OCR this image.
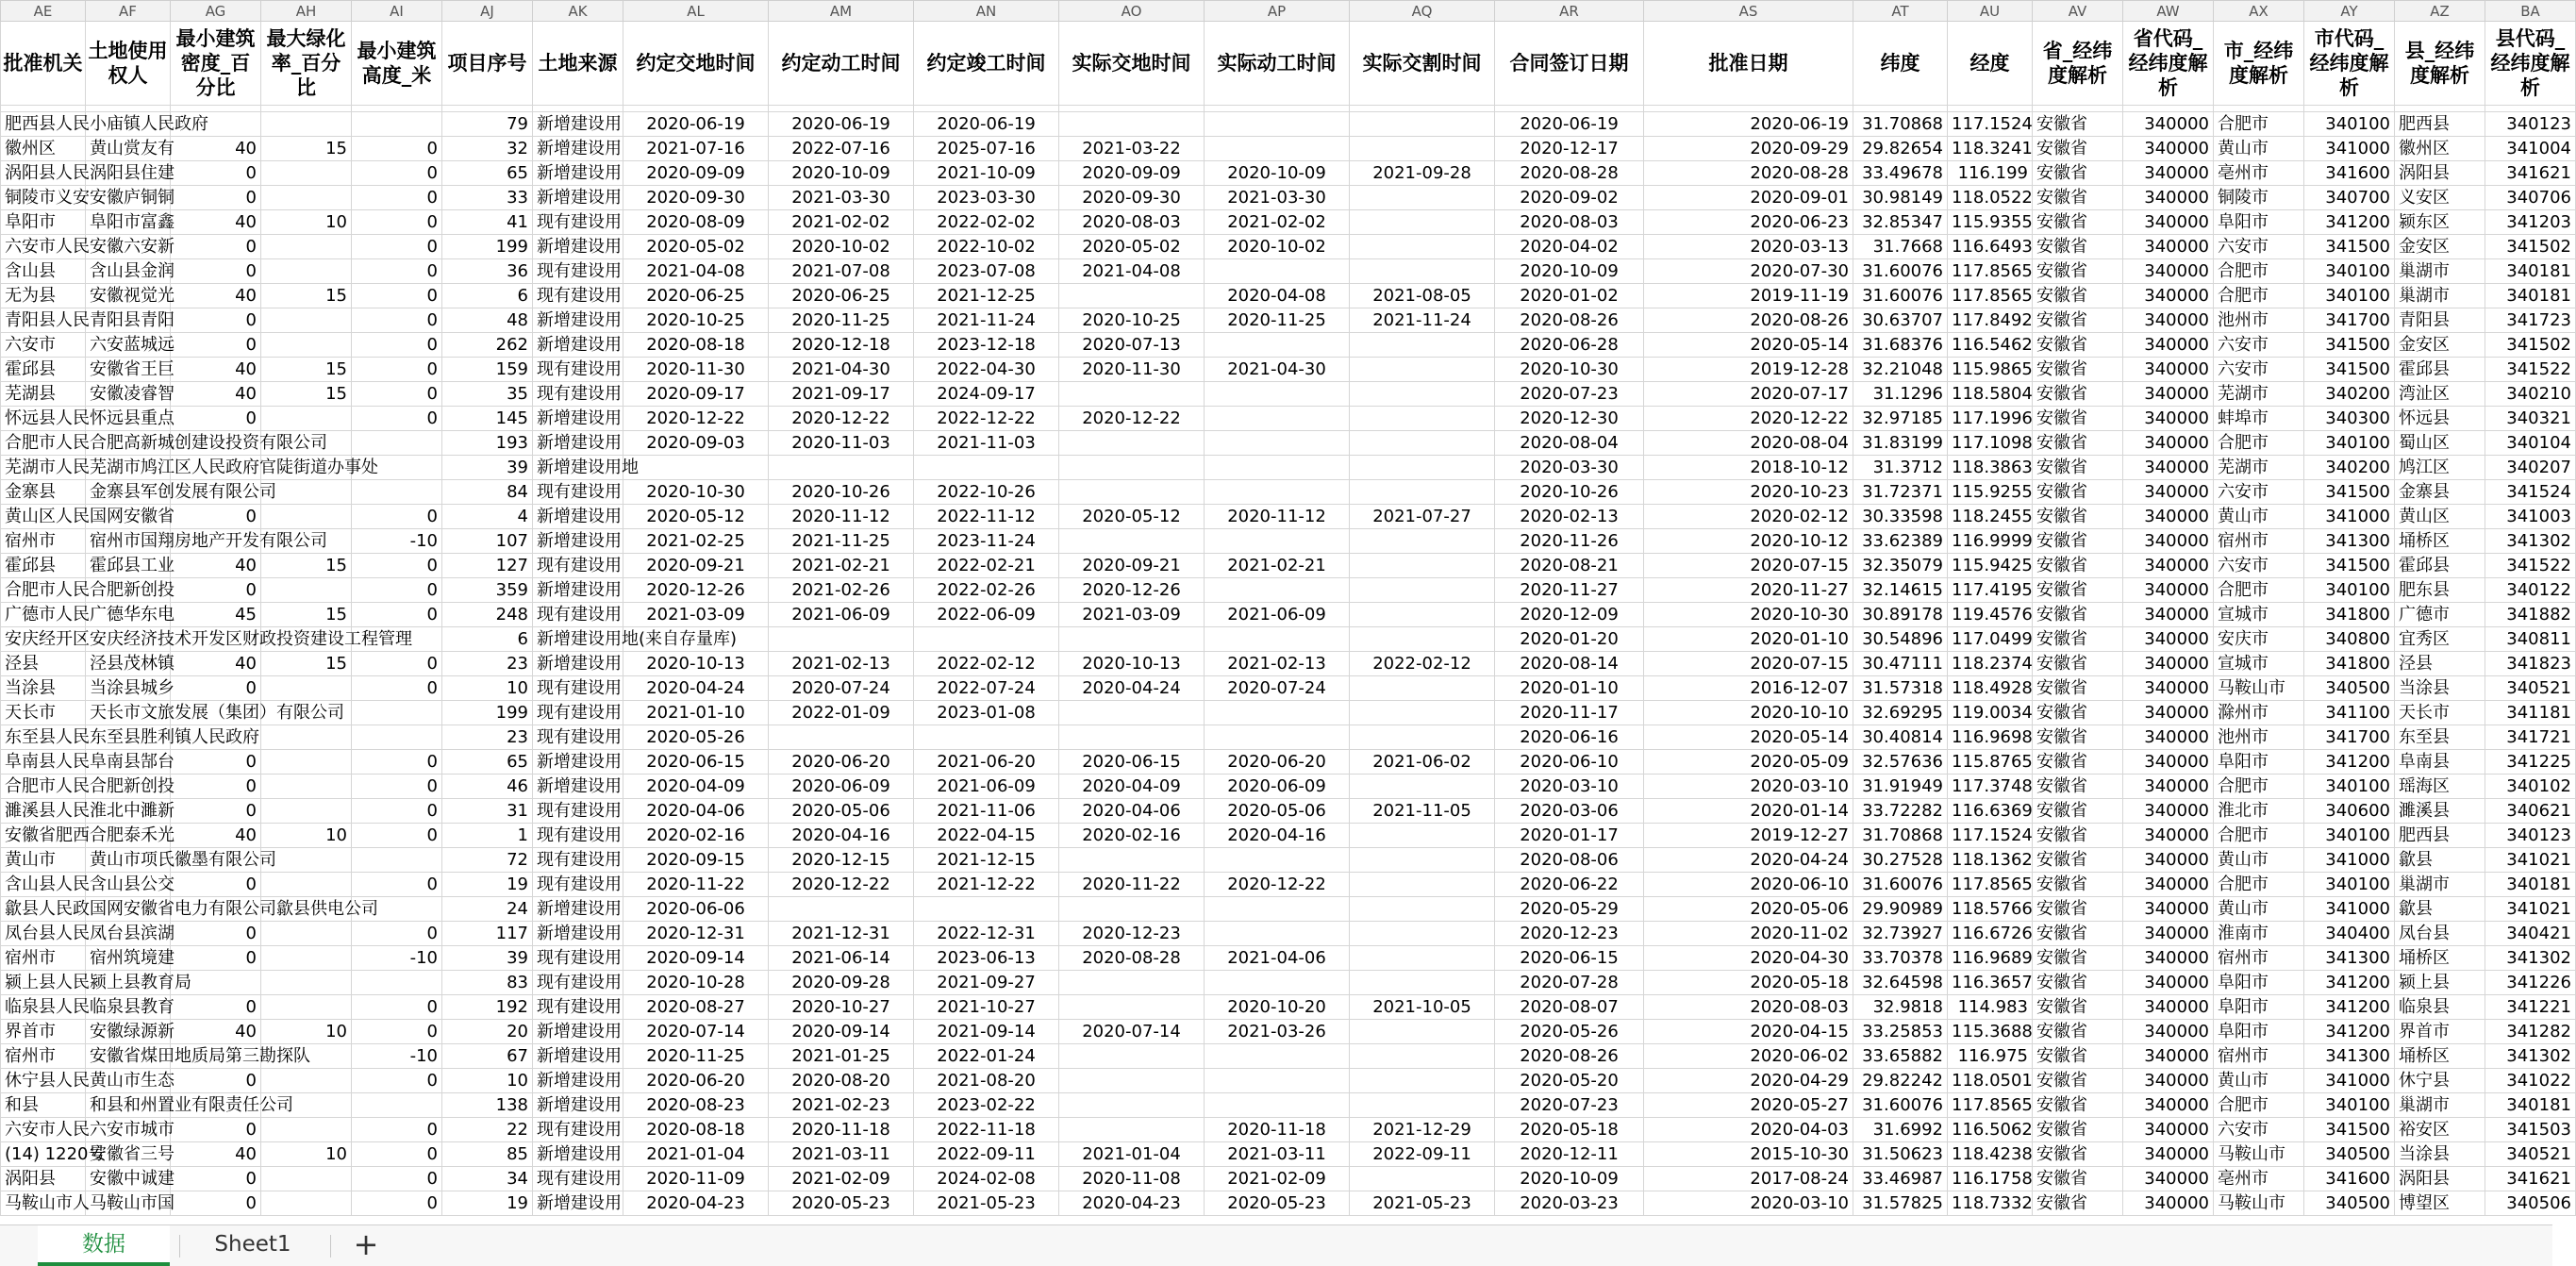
AE	AF	AG	AH	AI	AJ	AK	AL	AM	AN	AO	AP	AQ	AR	AS	AT	AU	AV	AW	AX	AY	AZ	BA
批准机关	土地使用权人	最小建筑密度_百分比	最大绿化率_百分比	最小建筑高度_米	项目序号	土地来源	约定交地时间	约定动工时间	约定竣工时间	实际交地时间	实际动工时间	实际交割时间	合同签订日期	批准日期	纬度	经度	省_经纬度解析	省代码_经纬度解析	市_经纬度解析	市代码_经纬度解析	县_经纬度解析	县代码_经纬度解析

肥西县人民	小庙镇人民政府				79	新增建设用	2020-06-19	2020-06-19	2020-06-19				2020-06-19	2020-06-19	31.70868	117.1524	安徽省	340000	合肥市	340100	肥西县	340123
徽州区	黄山赏友有	40	15	0	32	新增建设用	2021-07-16	2022-07-16	2025-07-16	2021-03-22			2020-12-17	2020-09-29	29.82654	118.3241	安徽省	340000	黄山市	341000	徽州区	341004
涡阳县人民	涡阳县住建	0		0	65	新增建设用	2020-09-09	2020-10-09	2021-10-09	2020-09-09	2020-10-09	2021-09-28	2020-08-28	2020-08-28	33.49678	116.199	安徽省	340000	亳州市	341600	涡阳县	341621
铜陵市义安	安徽庐铜铜	0		0	33	新增建设用	2020-09-30	2021-03-30	2023-03-30	2020-09-30	2021-03-30		2020-09-02	2020-09-01	30.98149	118.0522	安徽省	340000	铜陵市	340700	义安区	340706
阜阳市	阜阳市富鑫	40	10	0	41	现有建设用	2020-08-09	2021-02-02	2022-02-02	2020-08-03	2021-02-02		2020-08-03	2020-06-23	32.85347	115.9355	安徽省	340000	阜阳市	341200	颍东区	341203
六安市人民	安徽六安新	0		0	199	新增建设用	2020-05-02	2020-10-02	2022-10-02	2020-05-02	2020-10-02		2020-04-02	2020-03-13	31.7668	116.6493	安徽省	340000	六安市	341500	金安区	341502
含山县	含山县金润	0		0	36	现有建设用	2021-04-08	2021-07-08	2023-07-08	2021-04-08			2020-10-09	2020-07-30	31.60076	117.8565	安徽省	340000	合肥市	340100	巢湖市	340181
无为县	安徽视觉光	40	15	0	6	现有建设用	2020-06-25	2020-06-25	2021-12-25		2020-04-08	2021-08-05	2020-01-02	2019-11-19	31.60076	117.8565	安徽省	340000	合肥市	340100	巢湖市	340181
青阳县人民	青阳县青阳	0		0	48	新增建设用	2020-10-25	2020-11-25	2021-11-24	2020-10-25	2020-11-25	2021-11-24	2020-08-26	2020-08-26	30.63707	117.8492	安徽省	340000	池州市	341700	青阳县	341723
六安市	六安蓝城远	0		0	262	新增建设用	2020-08-18	2020-12-18	2023-12-18	2020-07-13			2020-06-28	2020-05-14	31.68376	116.5462	安徽省	340000	六安市	341500	金安区	341502
霍邱县	安徽省王巨	40	15	0	159	现有建设用	2020-11-30	2021-04-30	2022-04-30	2020-11-30	2021-04-30		2020-10-30	2019-12-28	32.21048	115.9865	安徽省	340000	六安市	341500	霍邱县	341522
芜湖县	安徽凌睿智	40	15	0	35	现有建设用	2020-09-17	2021-09-17	2024-09-17				2020-07-23	2020-07-17	31.1296	118.5804	安徽省	340000	芜湖市	340200	湾沚区	340210
怀远县人民	怀远县重点	0		0	145	新增建设用	2020-12-22	2020-12-22	2022-12-22	2020-12-22			2020-12-30	2020-12-22	32.97185	117.1996	安徽省	340000	蚌埠市	340300	怀远县	340321
合肥市人民	合肥高新城创建设投资有限公司				193	新增建设用	2020-09-03	2020-11-03	2021-11-03				2020-08-04	2020-08-04	31.83199	117.1098	安徽省	340000	合肥市	340100	蜀山区	340104
芜湖市人民	芜湖市鸠江区人民政府官陡街道办事处				39	新增建设用地							2020-03-30	2018-10-12	31.3712	118.3863	安徽省	340000	芜湖市	340200	鸠江区	340207
金寨县	金寨县军创发展有限公司				84	现有建设用	2020-10-30	2020-10-26	2022-10-26				2020-10-26	2020-10-23	31.72371	115.9255	安徽省	340000	六安市	341500	金寨县	341524
黄山区人民	国网安徽省	0		0	4	新增建设用	2020-05-12	2020-11-12	2022-11-12	2020-05-12	2020-11-12	2021-07-27	2020-02-13	2020-02-12	30.33598	118.2455	安徽省	340000	黄山市	341000	黄山区	341003
宿州市	宿州市国翔房地产开发有限公司			-10	107	新增建设用	2021-02-25	2021-11-25	2023-11-24				2020-11-26	2020-10-12	33.62389	116.9999	安徽省	340000	宿州市	341300	埇桥区	341302
霍邱县	霍邱县工业	40	15	0	127	现有建设用	2020-09-21	2021-02-21	2022-02-21	2020-09-21	2021-02-21		2020-08-21	2020-07-15	32.35079	115.9425	安徽省	340000	六安市	341500	霍邱县	341522
合肥市人民	合肥新创投	0		0	359	新增建设用	2020-12-26	2021-02-26	2022-02-26	2020-12-26			2020-11-27	2020-11-27	32.14615	117.4195	安徽省	340000	合肥市	340100	肥东县	340122
广德市人民	广德华东电	45	15	0	248	现有建设用	2021-03-09	2021-06-09	2022-06-09	2021-03-09	2021-06-09		2020-12-09	2020-10-30	30.89178	119.4576	安徽省	340000	宣城市	341800	广德市	341882
安庆经开区	安庆经济技术开发区财政投资建设工程管理				6	新增建设用地(来自存量库)							2020-01-20	2020-01-10	30.54896	117.0499	安徽省	340000	安庆市	340800	宜秀区	340811
泾县	泾县茂林镇	40	15	0	23	新增建设用	2020-10-13	2021-02-13	2022-02-12	2020-10-13	2021-02-13	2022-02-12	2020-08-14	2020-07-15	30.47111	118.2374	安徽省	340000	宣城市	341800	泾县	341823
当涂县	当涂县城乡	0		0	10	现有建设用	2020-04-24	2020-07-24	2022-07-24	2020-04-24	2020-07-24		2020-01-10	2016-12-07	31.57318	118.4928	安徽省	340000	马鞍山市	340500	当涂县	340521
天长市	天长市文旅发展（集团）有限公司				199	现有建设用	2021-01-10	2022-01-09	2023-01-08				2020-11-17	2020-10-10	32.69295	119.0034	安徽省	340000	滁州市	341100	天长市	341181
东至县人民	东至县胜利镇人民政府				23	现有建设用	2020-05-26						2020-06-16	2020-05-14	30.40814	116.9698	安徽省	340000	池州市	341700	东至县	341721
阜南县人民	阜南县郜台	0		0	65	新增建设用	2020-06-15	2020-06-20	2021-06-20	2020-06-15	2020-06-20	2021-06-02	2020-06-10	2020-05-09	32.57636	115.8765	安徽省	340000	阜阳市	341200	阜南县	341225
合肥市人民	合肥新创投	0		0	46	新增建设用	2020-04-09	2020-06-09	2021-06-09	2020-04-09	2020-06-09		2020-03-10	2020-03-10	31.91949	117.3748	安徽省	340000	合肥市	340100	瑶海区	340102
濉溪县人民	淮北中濉新	0		0	31	现有建设用	2020-04-06	2020-05-06	2021-11-06	2020-04-06	2020-05-06	2021-11-05	2020-03-06	2020-01-14	33.72282	116.6369	安徽省	340000	淮北市	340600	濉溪县	340621
安徽省肥西	合肥泰禾光	40	10	0	1	现有建设用	2020-02-16	2020-04-16	2022-04-15	2020-02-16	2020-04-16		2020-01-17	2019-12-27	31.70868	117.1524	安徽省	340000	合肥市	340100	肥西县	340123
黄山市	黄山市项氏徽墨有限公司				72	现有建设用	2020-09-15	2020-12-15	2021-12-15				2020-08-06	2020-04-24	30.27528	118.1362	安徽省	340000	黄山市	341000	歙县	341021
含山县人民	含山县公交	0		0	19	现有建设用	2020-11-22	2020-12-22	2021-12-22	2020-11-22	2020-12-22		2020-06-22	2020-06-10	31.60076	117.8565	安徽省	340000	合肥市	340100	巢湖市	340181
歙县人民政	国网安徽省电力有限公司歙县供电公司				24	新增建设用	2020-06-06						2020-05-29	2020-05-06	29.90989	118.5766	安徽省	340000	黄山市	341000	歙县	341021
凤台县人民	凤台县滨湖	0		0	117	新增建设用	2020-12-31	2021-12-31	2022-12-31	2020-12-23			2020-12-23	2020-11-02	32.73927	116.6726	安徽省	340000	淮南市	340400	凤台县	340421
宿州市	宿州筑境建	0		-10	39	现有建设用	2020-09-14	2021-06-14	2023-06-13	2020-08-28	2021-04-06		2020-06-15	2020-04-30	33.70378	116.9689	安徽省	340000	宿州市	341300	埇桥区	341302
颍上县人民	颍上县教育局				83	现有建设用	2020-10-28	2020-09-28	2021-09-27				2020-07-28	2020-05-18	32.64598	116.3657	安徽省	340000	阜阳市	341200	颍上县	341226
临泉县人民	临泉县教育	0		0	192	现有建设用	2020-08-27	2020-10-27	2021-10-27		2020-10-20	2021-10-05	2020-08-07	2020-08-03	32.9818	114.983	安徽省	340000	阜阳市	341200	临泉县	341221
界首市	安徽绿源新	40	10	0	20	新增建设用	2020-07-14	2020-09-14	2021-09-14	2020-07-14	2021-03-26		2020-05-26	2020-04-15	33.25853	115.3688	安徽省	340000	阜阳市	341200	界首市	341282
宿州市	安徽省煤田地质局第三勘探队			-10	67	新增建设用	2020-11-25	2021-01-25	2022-01-24				2020-08-26	2020-06-02	33.65882	116.975	安徽省	340000	宿州市	341300	埇桥区	341302
休宁县人民	黄山市生态	0		0	10	新增建设用	2020-06-20	2020-08-20	2021-08-20				2020-05-20	2020-04-29	29.82242	118.0501	安徽省	340000	黄山市	341000	休宁县	341022
和县	和县和州置业有限责任公司				138	新增建设用	2020-08-23	2021-02-23	2023-02-22				2020-07-23	2020-05-27	31.60076	117.8565	安徽省	340000	合肥市	340100	巢湖市	340181
六安市人民	六安市城市	0		0	22	现有建设用	2020-08-18	2020-11-18	2022-11-18		2020-11-18	2021-12-29	2020-05-18	2020-04-03	31.6992	116.5062	安徽省	340000	六安市	341500	裕安区	341503
(14) 1220号	安徽省三号	40	10	0	85	新增建设用	2021-01-04	2021-03-11	2022-09-11	2021-01-04	2021-03-11	2022-09-11	2020-12-11	2015-10-30	31.50623	118.4238	安徽省	340000	马鞍山市	340500	当涂县	340521
涡阳县	安徽中诚建	0		0	34	现有建设用	2020-11-09	2021-02-09	2024-02-08	2020-11-08	2021-02-09		2020-10-09	2017-08-24	33.46987	116.1758	安徽省	340000	亳州市	341600	涡阳县	341621
马鞍山市人	马鞍山市国	0		0	19	新增建设用	2020-04-23	2020-05-23	2021-05-23	2020-04-23	2020-05-23	2021-05-23	2020-03-23	2020-03-10	31.57825	118.7332	安徽省	340000	马鞍山市	340500	博望区	340506
数据	Sheet1	+
